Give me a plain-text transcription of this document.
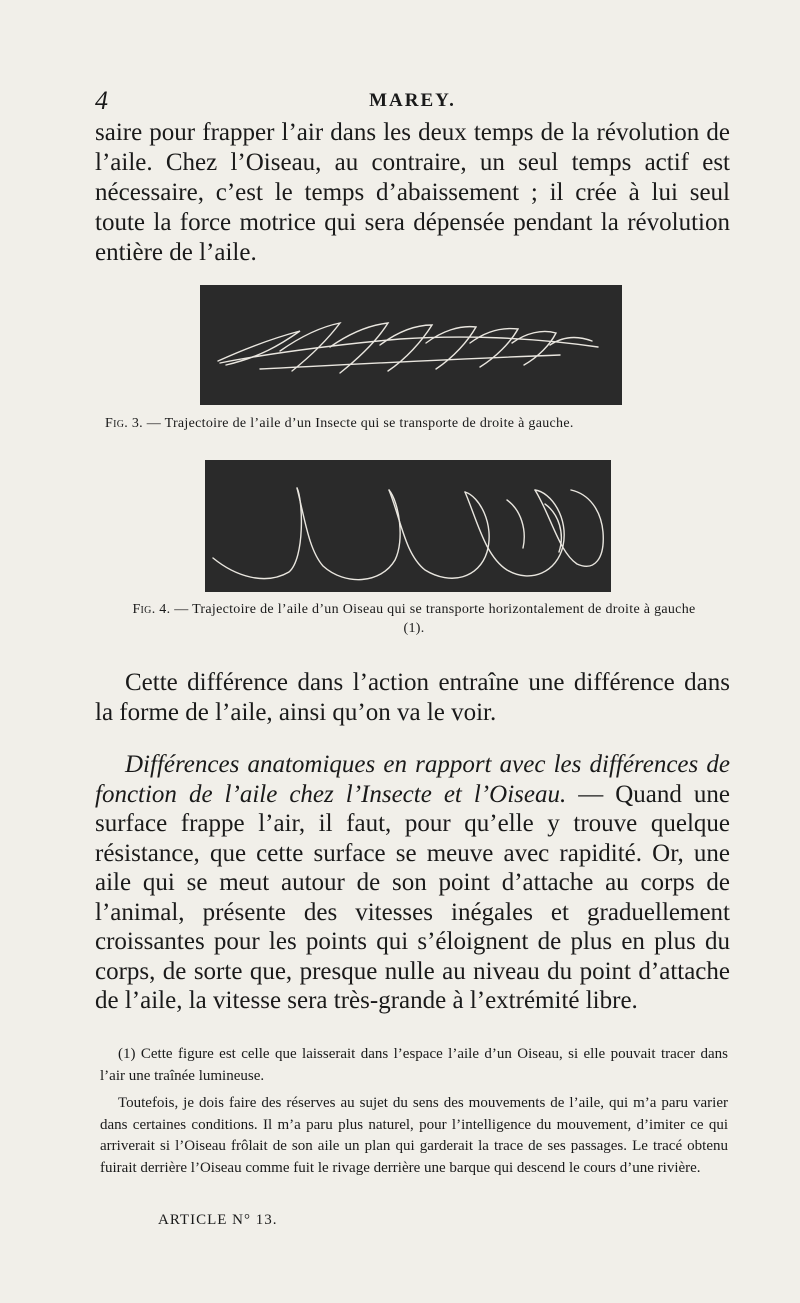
4	MAREY.

saire pour frapper l’air dans les deux temps de la révolution de l’aile. Chez l’Oiseau, au contraire, un seul temps actif est nécessaire, c’est le temps d’abaissement ; il crée à lui seul toute la force motrice qui sera dépensée pendant la révolution entière de l’aile.

Fig. 3. — Trajectoire de l’aile d’un Insecte qui se transporte de droite à gauche.

Fig. 4. — Trajectoire de l’aile d’un Oiseau qui se transporte horizontalement de droite à gauche (1).

Cette différence dans l’action entraîne une différence dans la forme de l’aile, ainsi qu’on va le voir.

Différences anatomiques en rapport avec les différences de fonction de l’aile chez l’Insecte et l’Oiseau. — Quand une surface frappe l’air, il faut, pour qu’elle y trouve quelque résistance, que cette surface se meuve avec rapidité. Or, une aile qui se meut autour de son point d’attache au corps de l’animal, présente des vitesses inégales et graduellement croissantes pour les points qui s’éloignent de plus en plus du corps, de sorte que, presque nulle au niveau du point d’attache de l’aile, la vitesse sera très-grande à l’extrémité libre.

(1) Cette figure est celle que laisserait dans l’espace l’aile d’un Oiseau, si elle pouvait tracer dans l’air une traînée lumineuse.

Toutefois, je dois faire des réserves au sujet du sens des mouvements de l’aile, qui m’a paru varier dans certaines conditions. Il m’a paru plus naturel, pour l’intelligence du mouvement, d’imiter ce qui arriverait si l’Oiseau frôlait de son aile un plan qui garderait la trace de ses passages. Le tracé obtenu fuirait derrière l’Oiseau comme fuit le rivage derrière une barque qui descend le cours d’une rivière.

ARTICLE N° 13.
